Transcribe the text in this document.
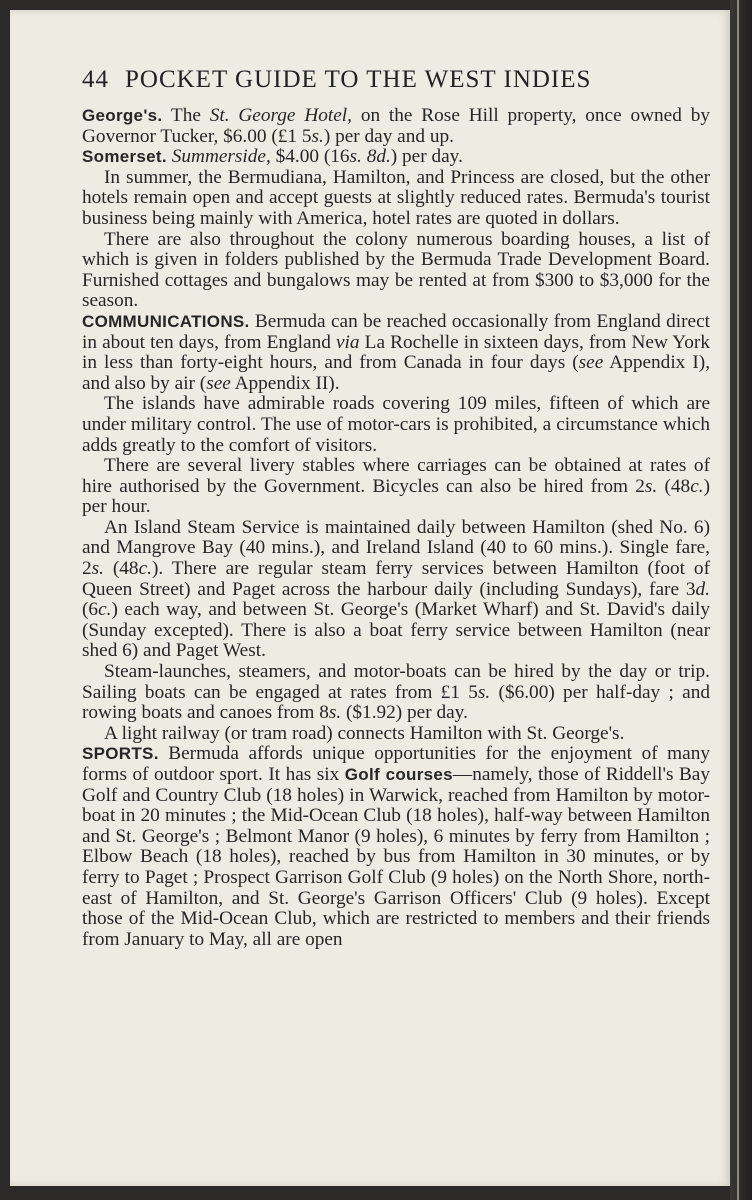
44 POCKET GUIDE TO THE WEST INDIES

George's. The St. George Hotel, on the Rose Hill property, once owned by Governor Tucker, $6.00 (£1 5s.) per day and up.

Somerset. Summerside, $4.00 (16s. 8d.) per day.

In summer, the Bermudiana, Hamilton, and Princess are closed, but the other hotels remain open and accept guests at slightly reduced rates. Bermuda's tourist business being mainly with America, hotel rates are quoted in dollars.

There are also throughout the colony numerous boarding houses, a list of which is given in folders published by the Bermuda Trade Development Board. Furnished cottages and bungalows may be rented at from $300 to $3,000 for the season.

COMMUNICATIONS. Bermuda can be reached occasionally from England direct in about ten days, from England via La Rochelle in sixteen days, from New York in less than forty-eight hours, and from Canada in four days (see Appendix I), and also by air (see Appendix II).

The islands have admirable roads covering 109 miles, fifteen of which are under military control. The use of motor-cars is prohibited, a circumstance which adds greatly to the comfort of visitors.

There are several livery stables where carriages can be obtained at rates of hire authorised by the Government. Bicycles can also be hired from 2s. (48c.) per hour.

An Island Steam Service is maintained daily between Hamilton (shed No. 6) and Mangrove Bay (40 mins.), and Ireland Island (40 to 60 mins.). Single fare, 2s. (48c.). There are regular steam ferry services between Hamilton (foot of Queen Street) and Paget across the harbour daily (including Sundays), fare 3d. (6c.) each way, and between St. George's (Market Wharf) and St. David's daily (Sunday excepted). There is also a boat ferry service between Hamilton (near shed 6) and Paget West.

Steam-launches, steamers, and motor-boats can be hired by the day or trip. Sailing boats can be engaged at rates from £1 5s. ($6.00) per half-day ; and rowing boats and canoes from 8s. ($1.92) per day.

A light railway (or tram road) connects Hamilton with St. George's.

SPORTS. Bermuda affords unique opportunities for the enjoyment of many forms of outdoor sport. It has six Golf courses—namely, those of Riddell's Bay Golf and Country Club (18 holes) in Warwick, reached from Hamilton by motor-boat in 20 minutes ; the Mid-Ocean Club (18 holes), half-way between Hamilton and St. George's ; Belmont Manor (9 holes), 6 minutes by ferry from Hamilton ; Elbow Beach (18 holes), reached by bus from Hamilton in 30 minutes, or by ferry to Paget ; Prospect Garrison Golf Club (9 holes) on the North Shore, north-east of Hamilton, and St. George's Garrison Officers' Club (9 holes). Except those of the Mid-Ocean Club, which are restricted to members and their friends from January to May, all are open
